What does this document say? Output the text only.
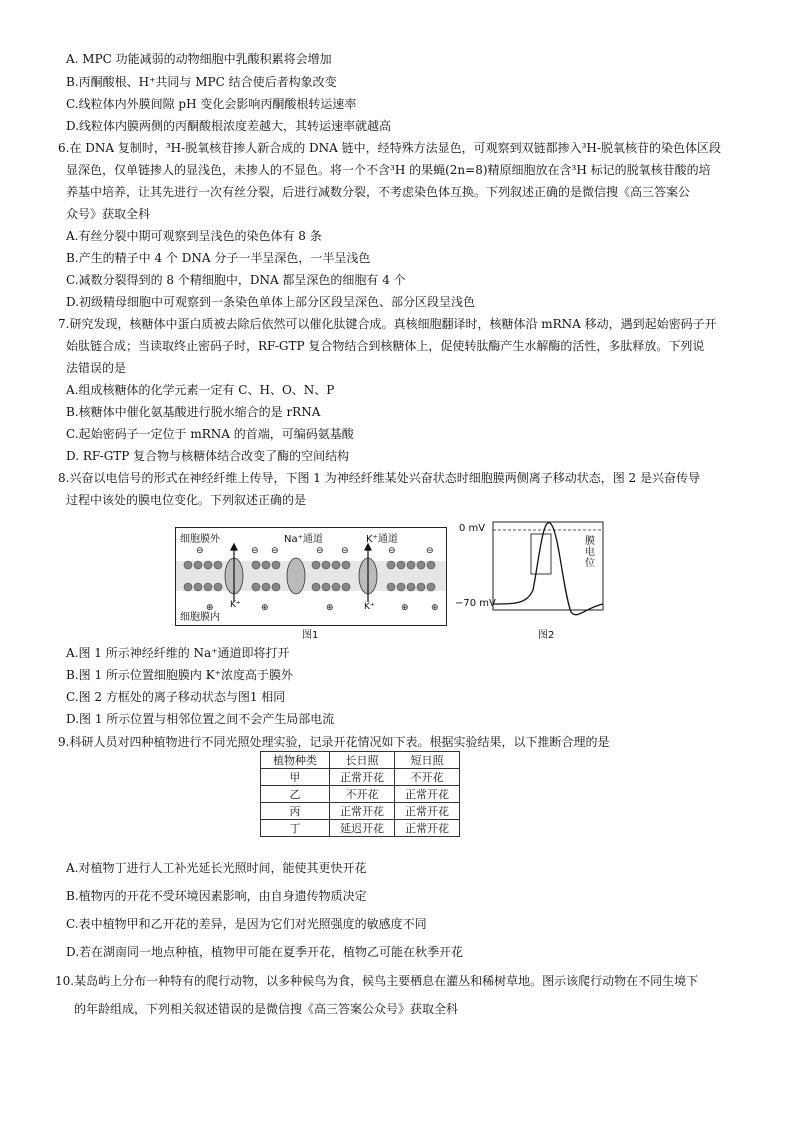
A. MPC 功能减弱的动物细胞中乳酸积累将会增加
B.丙酮酸根、H⁺共同与 MPC 结合使后者构象改变
C.线粒体内外膜间隙 pH 变化会影响丙酮酸根转运速率
D.线粒体内膜两侧的丙酮酸根浓度差越大，其转运速率就越高
6.在 DNA 复制时，³H-脱氧核苷掺人新合成的 DNA 链中，经特殊方法显色，可观察到双链都掺入³H-脱氧核苷的染色体区段
显深色，仅单链掺人的显浅色，未掺人的不显色。将一个不含³H 的果蝇(2n=8)精原细胞放在含³H 标记的脱氧核苷酸的培
养基中培养，让其先进行一次有丝分裂，后进行减数分裂，不考虑染色体互换。下列叙述正确的是微信搜《高三答案公
众号》获取全科
A.有丝分裂中期可观察到呈浅色的染色体有 8 条
B.产生的精子中 4 个 DNA 分子一半呈深色，一半呈浅色
C.减数分裂得到的 8 个精细胞中，DNA 都呈深色的细胞有 4 个
D.初级精母细胞中可观察到一条染色单体上部分区段呈深色、部分区段呈浅色
7.研究发现，核糖体中蛋白质被去除后依然可以催化肽键合成。真核细胞翻译时，核糖体沿 mRNA 移动，遇到起始密码子开
始肽链合成；当读取终止密码子时，RF-GTP 复合物结合到核糖体上，促使转肽酶产生水解酶的活性，多肽释放。下列说
法错误的是
A.组成核糖体的化学元素一定有 C、H、O、N、P
B.核糖体中催化氨基酸进行脱水缩合的是 rRNA
C.起始密码子一定位于 mRNA 的首端，可编码氨基酸
D. RF-GTP 复合物与核糖体结合改变了酶的空间结构
8.兴奋以电信号的形式在神经纤维上传导，下图 1 为神经纤维某处兴奋状态时细胞膜两侧离子移动状态，图 2 是兴奋传导
过程中该处的膜电位变化。下列叙述正确的是
⊖	⊖ ⊖	⊖ ⊖	⊖	⊖
⊕	⊕	⊕	⊕ ⊕
细胞膜外
细胞膜内
Na⁺通道	K⁺通道
K⁺	K⁺
图1
0 mV
−70 mV
膜电位
图2
A.图 1 所示神经纤维的 Na⁺通道即将打开
B.图 1 所示位置细胞膜内 K⁺浓度高于膜外
C.图 2 方框处的离子移动状态与图1 相同
D.图 1 所示位置与相邻位置之间不会产生局部电流
9.科研人员对四种植物进行不同光照处理实验，记录开花情况如下表。根据实验结果，以下推断合理的是
植物种类	长日照	短日照
甲	正常开花	不开花
乙	不开花	正常开花
丙	正常开花	正常开花
丁	延迟开花	正常开花
A.对植物丁进行人工补光延长光照时间，能使其更快开花
B.植物丙的开花不受环境因素影响，由自身遗传物质决定
C.表中植物甲和乙开花的差异，是因为它们对光照强度的敏感度不同
D.若在湖南同一地点种植，植物甲可能在夏季开花，植物乙可能在秋季开花
10.某岛屿上分布一种特有的爬行动物，以多种候鸟为食，候鸟主要栖息在灌丛和稀树草地。图示该爬行动物在不同生境下
的年龄组成，下列相关叙述错误的是微信搜《高三答案公众号》获取全科
